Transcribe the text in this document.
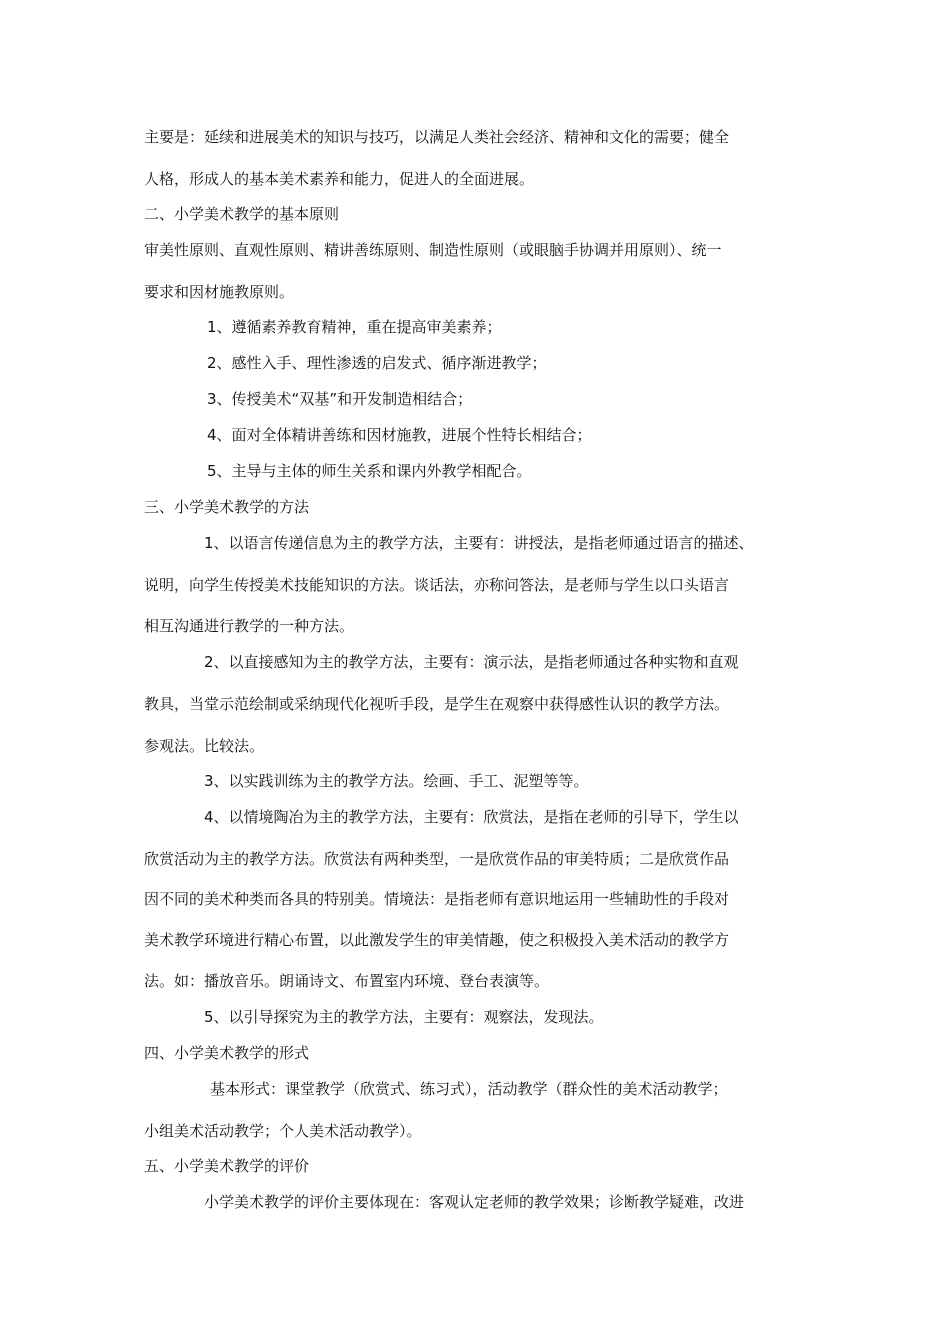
主要是：延续和进展美术的知识与技巧，以满足人类社会经济、精神和文化的需要；健全
人格，形成人的基本美术素养和能力，促进人的全面进展。
二、小学美术教学的基本原则
审美性原则、直观性原则、精讲善练原则、制造性原则（或眼脑手协调并用原则）、统一
要求和因材施教原则。
1、遵循素养教育精神，重在提高审美素养；
2、感性入手、理性渗透的启发式、循序渐进教学；
3、传授美术“双基”和开发制造相结合；
4、面对全体精讲善练和因材施教，进展个性特长相结合；
5、主导与主体的师生关系和课内外教学相配合。
三、小学美术教学的方法
1、以语言传递信息为主的教学方法，主要有：讲授法，是指老师通过语言的描述、
说明，向学生传授美术技能知识的方法。谈话法，亦称问答法，是老师与学生以口头语言
相互沟通进行教学的一种方法。
2、以直接感知为主的教学方法，主要有：演示法，是指老师通过各种实物和直观
教具，当堂示范绘制或采纳现代化视听手段，是学生在观察中获得感性认识的教学方法。
参观法。比较法。
3、以实践训练为主的教学方法。绘画、手工、泥塑等等。
4、以情境陶冶为主的教学方法，主要有：欣赏法，是指在老师的引导下，学生以
欣赏活动为主的教学方法。欣赏法有两种类型，一是欣赏作品的审美特质；二是欣赏作品
因不同的美术种类而各具的特别美。情境法：是指老师有意识地运用一些辅助性的手段对
美术教学环境进行精心布置，以此激发学生的审美情趣，使之积极投入美术活动的教学方
法。如：播放音乐。朗诵诗文、布置室内环境、登台表演等。
5、以引导探究为主的教学方法，主要有：观察法，发现法。
四、小学美术教学的形式
基本形式：课堂教学（欣赏式、练习式），活动教学（群众性的美术活动教学；
小组美术活动教学；个人美术活动教学）。
五、小学美术教学的评价
小学美术教学的评价主要体现在：客观认定老师的教学效果；诊断教学疑难，改进
